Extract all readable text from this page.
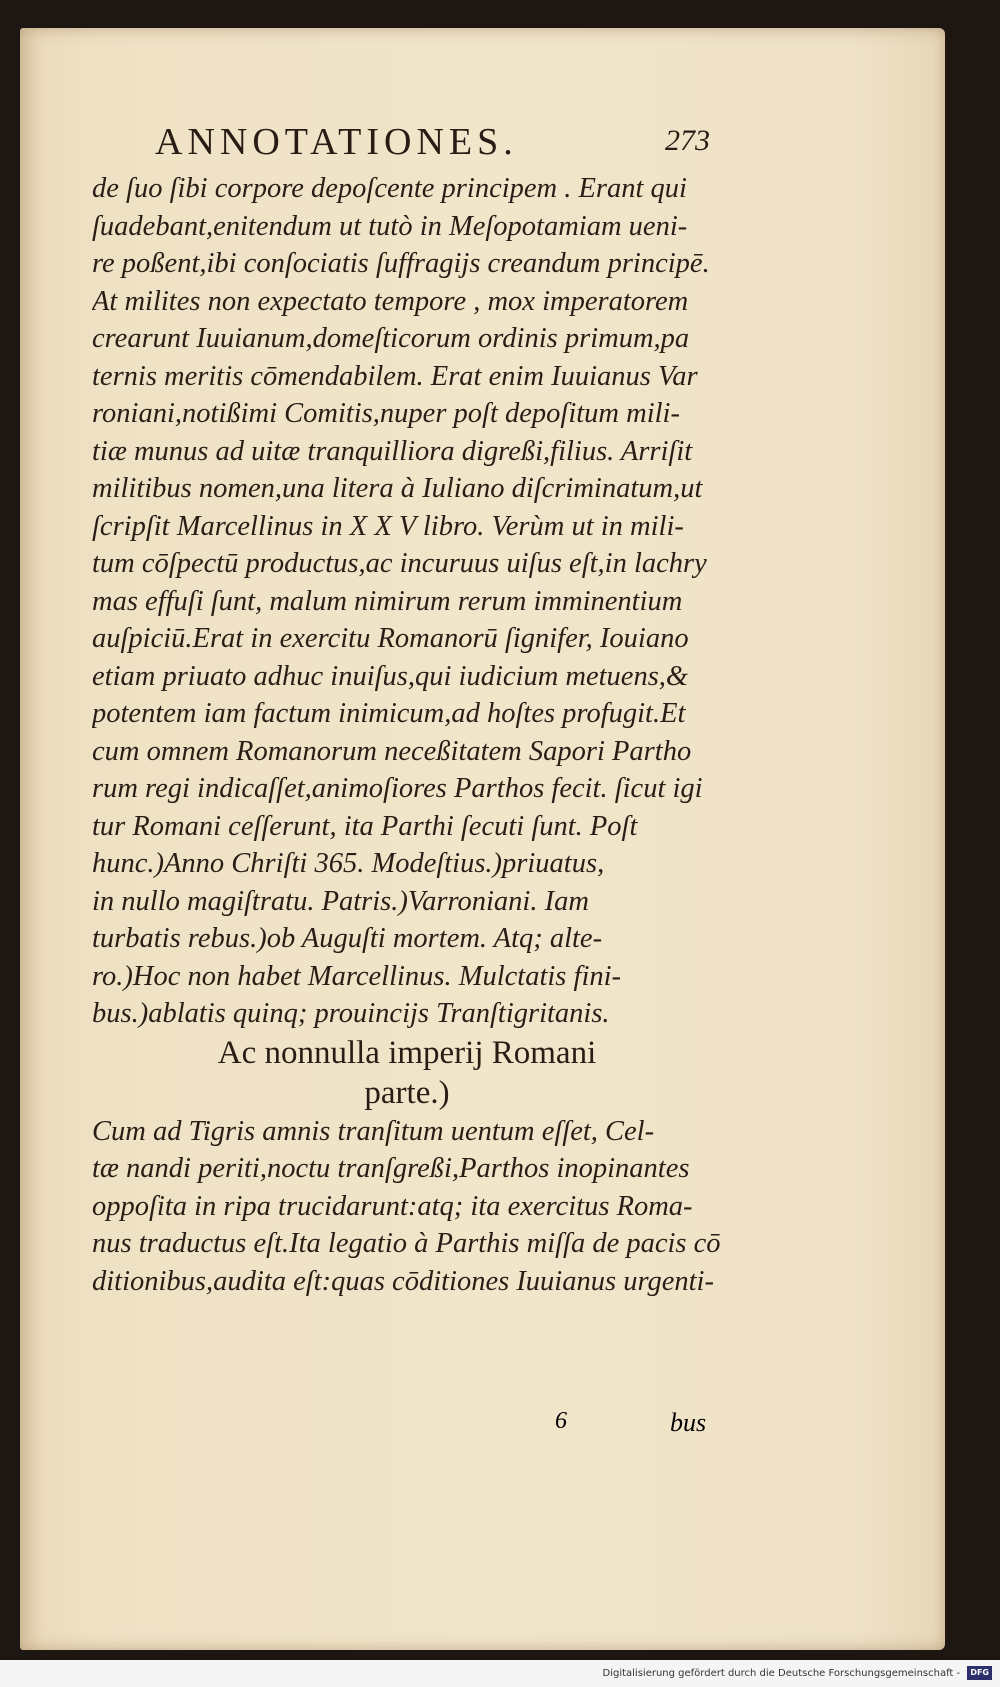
ANNOTATIONES.	273
de ſuo ſibi corpore depoſcente principem . Erant qui
ſuadebant,enitendum ut tutò in Meſopotamiam ueni-
re poßent,ibi conſociatis ſuffragijs creandum principē.
At milites non expectato tempore , mox imperatorem
crearunt Iuuianum,domeſticorum ordinis primum,pa
ternis meritis cōmendabilem. Erat enim Iuuianus Var
roniani,notißimi Comitis,nuper poſt depoſitum mili-
tiæ munus ad uitæ tranquilliora digreßi,filius. Arriſit
militibus nomen,una litera à Iuliano diſcriminatum,ut
ſcripſit Marcellinus in X X V libro. Verùm ut in mili-
tum cōſpectū productus,ac incuruus uiſus eſt,in lachry
mas effuſi ſunt, malum nimirum rerum imminentium
auſpiciū.Erat in exercitu Romanorū ſignifer, Iouiano
etiam priuato adhuc inuiſus,qui iudicium metuens,&
potentem iam factum inimicum,ad hoſtes profugit.Et
cum omnem Romanorum neceßitatem Sapori Partho
rum regi indicaſſet,animoſiores Parthos fecit. ſicut igi
tur Romani ceſſerunt, ita Parthi ſecuti ſunt. Poſt
hunc.)Anno Chriſti 365. Modeſtius.)priuatus,
in nullo magiſtratu. Patris.)Varroniani. Iam
turbatis rebus.)ob Auguſti mortem. Atq; alte-
ro.)Hoc non habet Marcellinus. Mulctatis fini-
bus.)ablatis quinq; prouincijs Tranſtigritanis.
Ac nonnulla imperij Romani
parte.)
Cum ad Tigris amnis tranſitum uentum eſſet, Cel-
tæ nandi periti,noctu tranſgreßi,Parthos inopinantes
oppoſita in ripa trucidarunt:atq; ita exercitus Roma-
nus traductus eſt.Ita legatio à Parthis miſſa de pacis cō
ditionibus,audita eſt:quas cōditiones Iuuianus urgenti-
6	bus
Digitalisierung gefördert durch die Deutsche Forschungsgemeinschaft - DFG
